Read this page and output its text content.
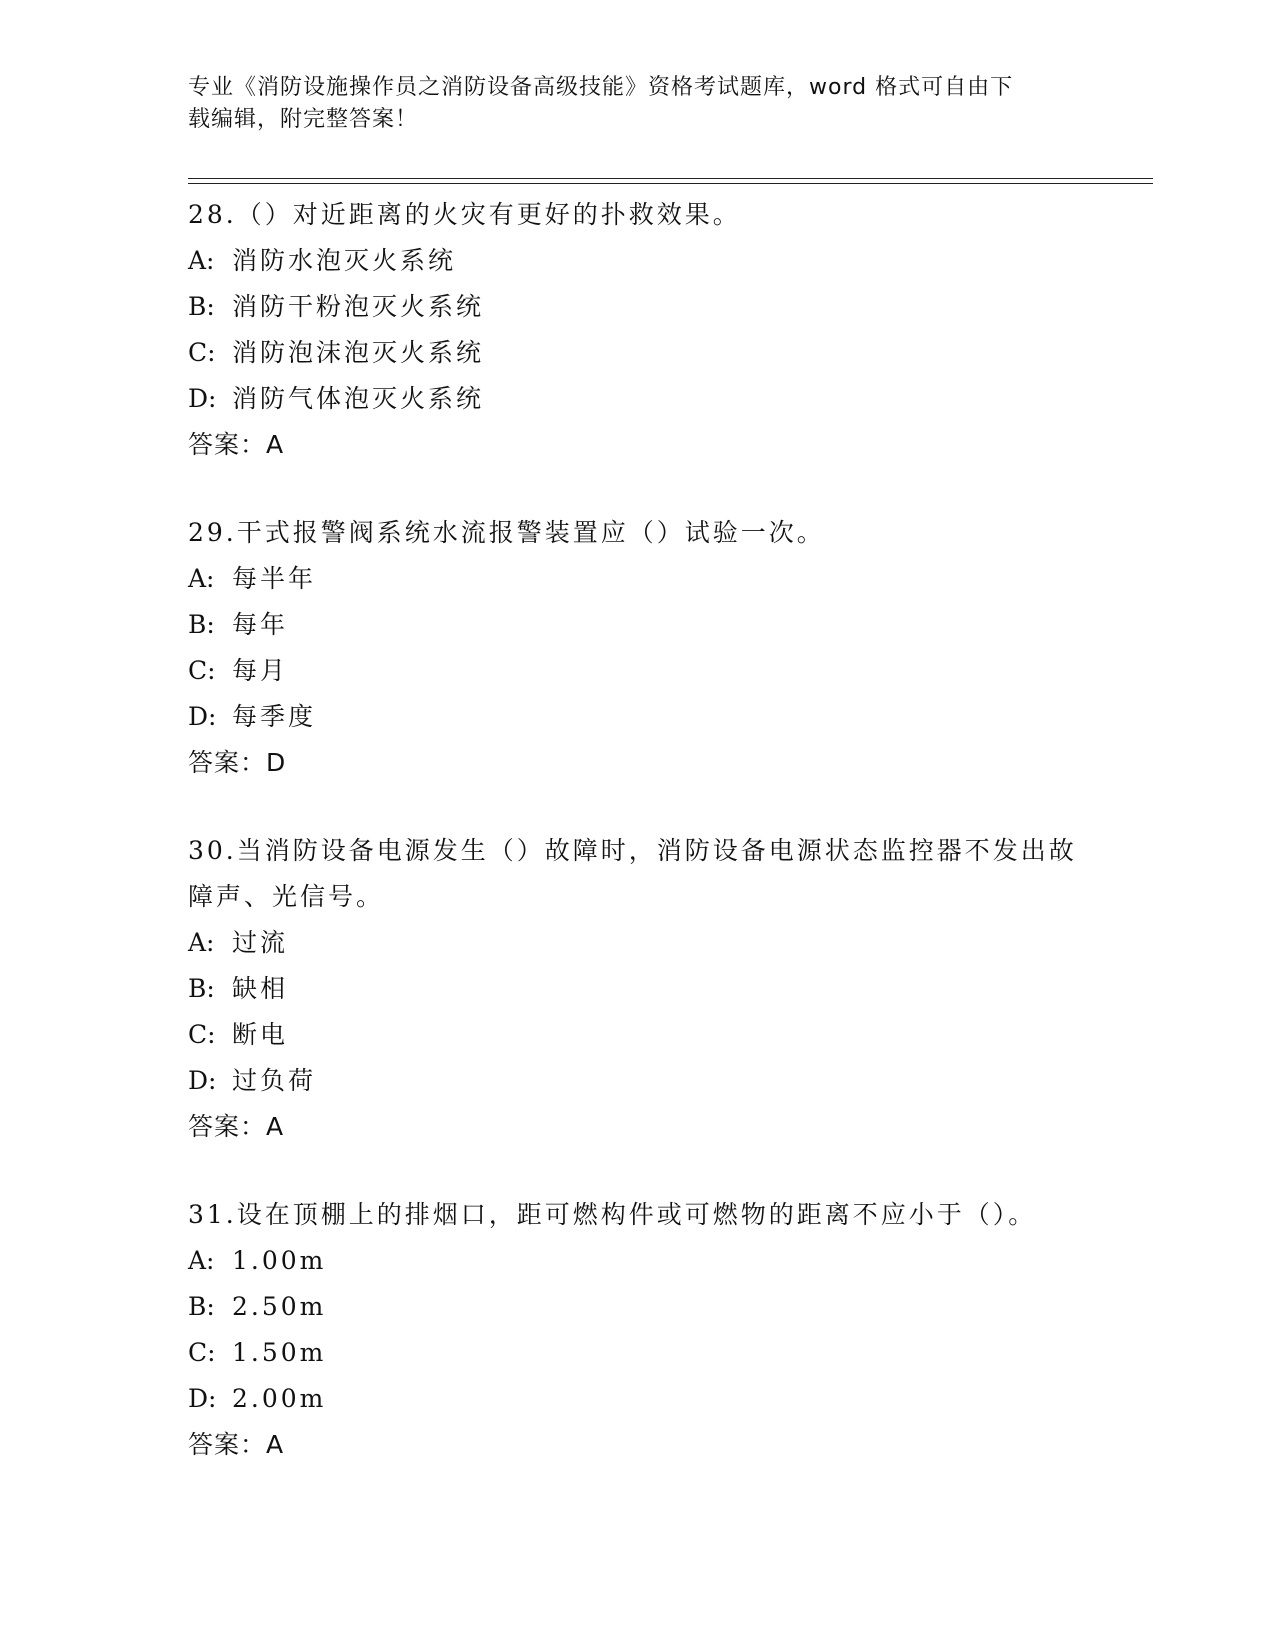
专业《消防设施操作员之消防设备高级技能》资格考试题库，word 格式可自由下
载编辑，附完整答案！

28.（）对近距离的火灾有更好的扑救效果。

A: 消防水泡灭火系统

B: 消防干粉泡灭火系统

C: 消防泡沫泡灭火系统

D: 消防气体泡灭火系统

答案：A

29.干式报警阀系统水流报警装置应（）试验一次。

A: 每半年

B: 每年

C: 每月

D: 每季度

答案：D

30.当消防设备电源发生（）故障时，消防设备电源状态监控器不发出故障声、光信号。

A: 过流

B: 缺相

C: 断电

D: 过负荷

答案：A

31.设在顶棚上的排烟口，距可燃构件或可燃物的距离不应小于（）。

A: 1.00m

B: 2.50m

C: 1.50m

D: 2.00m

答案：A
